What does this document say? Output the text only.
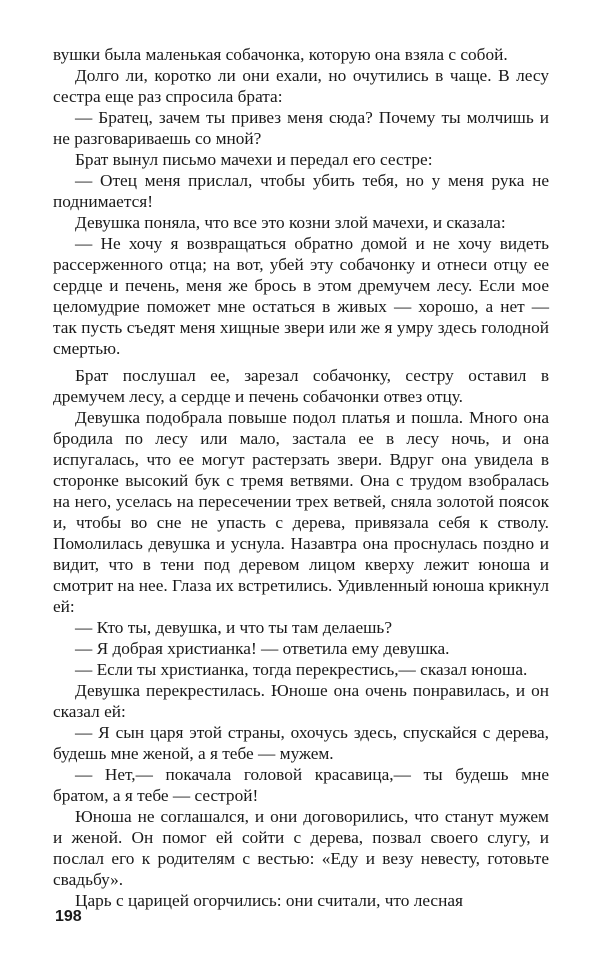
вушки была маленькая собачонка, которую она взяла с собой.

Долго ли, коротко ли они ехали, но очутились в чаще. В лесу сестра еще раз спросила брата:

— Братец, зачем ты привез меня сюда? Почему ты молчишь и не разговариваешь со мной?

Брат вынул письмо мачехи и передал его сестре:

— Отец меня прислал, чтобы убить тебя, но у меня рука не поднимается!

Девушка поняла, что все это козни злой мачехи, и сказала:

— Не хочу я возвращаться обратно домой и не хочу видеть рассерженного отца; на вот, убей эту собачонку и отнеси отцу ее сердце и печень, меня же брось в этом дремучем лесу. Если мое целомудрие поможет мне остаться в живых — хорошо, а нет — так пусть съедят меня хищные звери или же я умру здесь голодной смертью.

Брат послушал ее, зарезал собачонку, сестру оставил в дремучем лесу, а сердце и печень собачонки отвез отцу.

Девушка подобрала повыше подол платья и пошла. Много она бродила по лесу или мало, застала ее в лесу ночь, и она испугалась, что ее могут растерзать звери. Вдруг она увидела в сторонке высокий бук с тремя ветвями. Она с трудом взобралась на него, уселась на пересечении трех ветвей, сняла золотой поясок и, чтобы во сне не упасть с дерева, привязала себя к стволу. Помолилась девушка и уснула. Назавтра она проснулась поздно и видит, что в тени под деревом лицом кверху лежит юноша и смотрит на нее. Глаза их встретились. Удивленный юноша крикнул ей:

— Кто ты, девушка, и что ты там делаешь?

— Я добрая христианка! — ответила ему девушка.

— Если ты христианка, тогда перекрестись,— сказал юноша.

Девушка перекрестилась. Юноше она очень понравилась, и он сказал ей:

— Я сын царя этой страны, охочусь здесь, спускайся с дерева, будешь мне женой, а я тебе — мужем.

— Нет,— покачала головой красавица,— ты будешь мне братом, а я тебе — сестрой!

Юноша не соглашался, и они договорились, что станут мужем и женой. Он помог ей сойти с дерева, позвал своего слугу, и послал его к родителям с вестью: «Еду и везу невесту, готовьте свадьбу».

Царь с царицей огорчились: они считали, что лесная

198
